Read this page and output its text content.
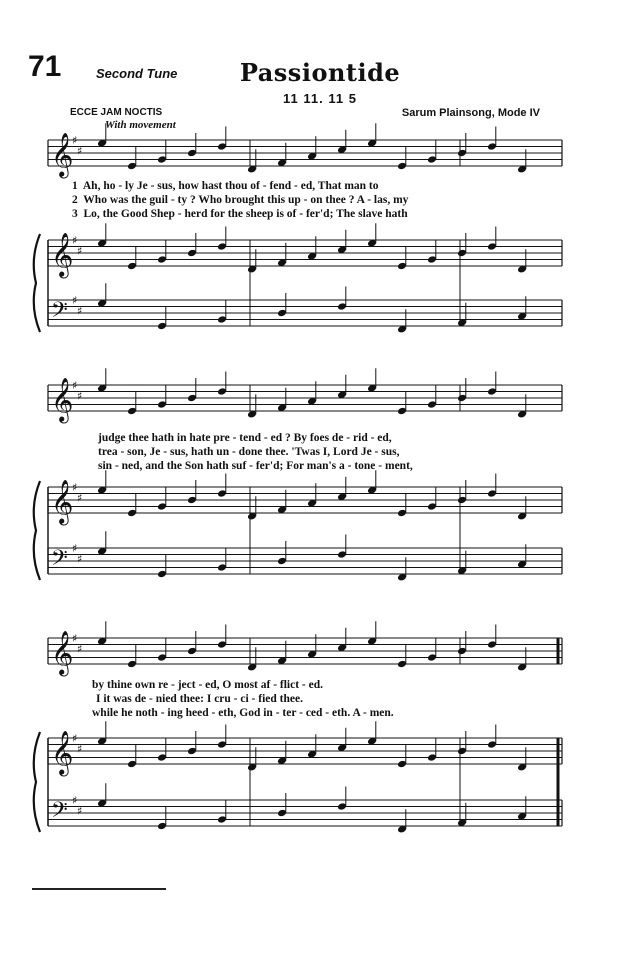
71	Second Tune	Passiontide
11 11. 11 5
ECCE JAM NOCTIS	Sarum Plainsong, Mode IV
With movement
𝄞
♯
♯
𝄞
♯
♯
𝄢 ♯
♯
𝄞
♯
♯
𝄞
♯
♯
𝄢 ♯
♯
𝄞
♯
♯
𝄞
♯
♯
𝄢 ♯
♯
1 Ah, ho - ly Je - sus, how hast thou of - fend - ed, That man to
2 Who was the guil - ty ? Who brought this up - on thee ? A - las, my
3 Lo, the Good Shep - herd for the sheep is of - fer'd; The slave hath
judge thee hath in hate pre - tend - ed ? By foes de - rid - ed,
trea - son, Je - sus, hath un - done thee. 'Twas I, Lord Je - sus,
sin - ned, and the Son hath suf - fer'd; For man's a - tone - ment,
by thine own re - ject - ed, O most af - flict - ed.
I it was de - nied thee: I cru - ci - fied thee.
while he noth - ing heed - eth, God in - ter - ced - eth. A - men.
